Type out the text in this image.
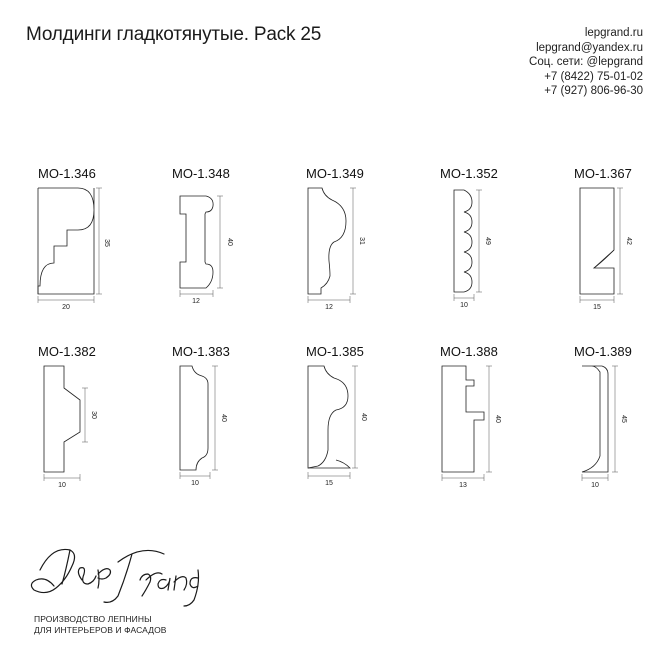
Молдинги гладкотянутые. Pack 25	lepgrand.ru
lepgrand@yandex.ru
Соц. сети: @lepgrand
+7 (8422) 75-01-02
+7 (927) 806-96-30
МО-1.346
20
35
МО-1.348
12
40
МО-1.349
12
31
МО-1.352
10
49
МО-1.367
15
42
МО-1.382
10
30
МО-1.383
10
40
МО-1.385
15
40
МО-1.388
13
40
МО-1.389
10
45
ПРОИЗВОДСТВО ЛЕПНИНЫ
ДЛЯ ИНТЕРЬЕРОВ И ФАСАДОВ
